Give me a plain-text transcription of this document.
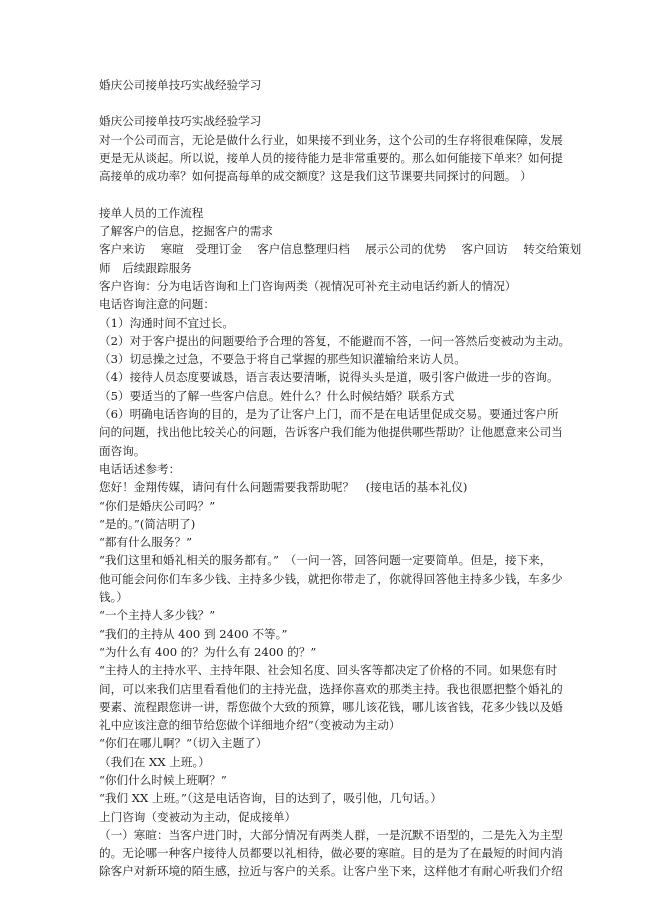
婚庆公司接单技巧实战经验学习

婚庆公司接单技巧实战经验学习

对一个公司而言，无论是做什么行业，如果接不到业务，这个公司的生存将很难保障，发展

更是无从谈起。所以说，接单人员的接待能力是非常重要的。那么如何能接下单来？如何提

高接单的成功率？如何提高每单的成交额度？这是我们这节课要共同探讨的问题。 ）

接单人员的工作流程

了解客户的信息，挖掘客户的需求

客户来访　 寒暄　受理订金　 客户信息整理归档　 展示公司的优势　 客户回访　 转交给策划

师　后续跟踪服务

客户咨询：分为电话咨询和上门咨询两类（视情况可补充主动电话约新人的情况）

电话咨询注意的问题：

（1）沟通时间不宜过长。

（2）对于客户提出的问题要给予合理的答复，不能避而不答，一问一答然后变被动为主动。

（3）切忌操之过急，不要急于将自己掌握的那些知识灌输给来访人员。

（4）接待人员态度要诚恳，语言表达要清晰，说得头头是道，吸引客户做进一步的咨询。

（5）要适当的了解一些客户信息。姓什么？什么时候结婚？联系方式

（6）明确电话咨询的目的，是为了让客户上门，而不是在电话里促成交易。要通过客户所

问的问题，找出他比较关心的问题，告诉客户我们能为他提供哪些帮助？让他愿意来公司当

面咨询。

电话话述参考：

您好！金翔传媒，请问有什么问题需要我帮助呢？　(接电话的基本礼仪)

“你们是婚庆公司吗？”

“是的。”(简洁明了)

“都有什么服务？”

“我们这里和婚礼相关的服务都有。”　（一问一答，回答问题一定要简单。但是，接下来，

他可能会问你们车多少钱、主持多少钱，就把你带走了，你就得回答他主持多少钱，车多少

钱。）

“一个主持人多少钱？”

“我们的主持从 400 到 2400 不等。”

“为什么有 400 的？为什么有 2400 的？”

“主持人的主持水平、主持年限、社会知名度、回头客等都决定了价格的不同。如果您有时

间，可以来我们店里看看他们的主持光盘，选择你喜欢的那类主持。我也很愿把整个婚礼的

要素、流程跟您讲一讲，帮您做个大致的预算，哪儿该花钱，哪儿该省钱，花多少钱以及婚

礼中应该注意的细节给您做个详细地介绍”（变被动为主动）

“你们在哪儿啊？”（切入主题了）

（我们在 XX 上班。）

“你们什么时候上班啊？”

“我们 XX 上班。”（这是电话咨询，目的达到了，吸引他，几句话。）

上门咨询（变被动为主动，促成接单）

（一）寒暄：当客户进门时，大部分情况有两类人群，一是沉默不语型的，二是先入为主型

的。无论哪一种客户接待人员都要以礼相待，做必要的寒暄。目的是为了在最短的时间内消

除客户对新环境的陌生感，拉近与客户的关系。让客户坐下来，这样他才有耐心听我们介绍
